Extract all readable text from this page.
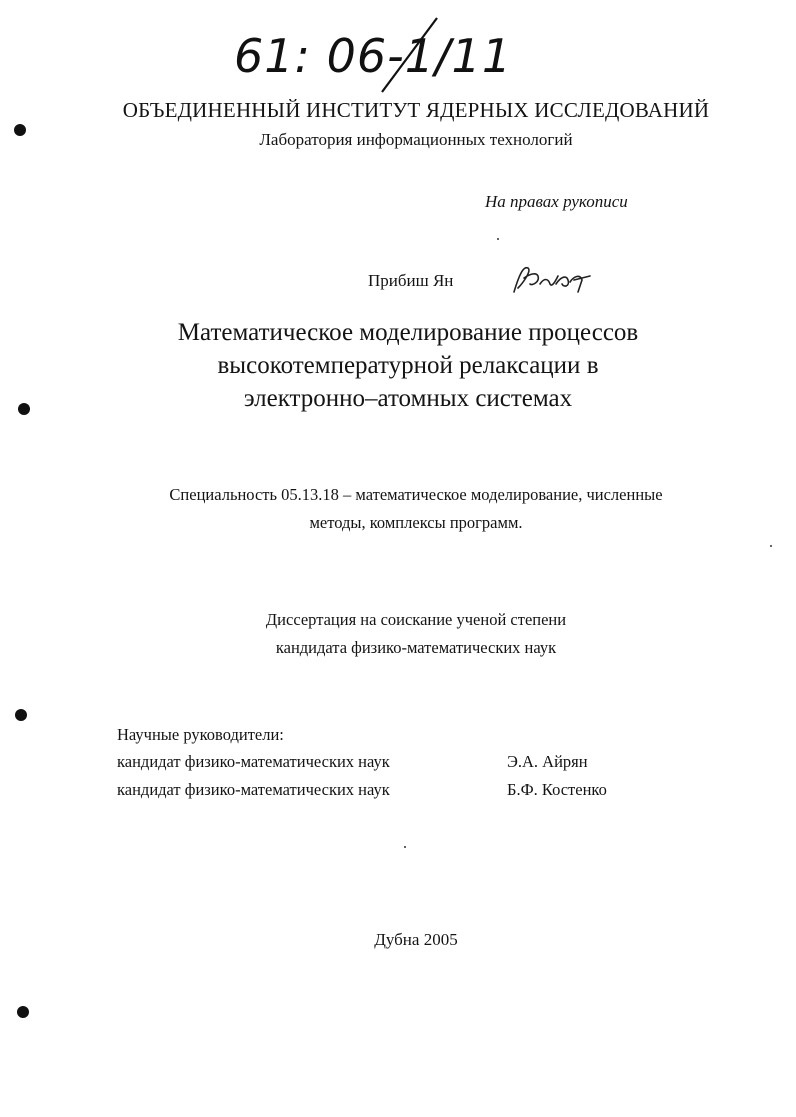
61: 06-1/112
ОБЪЕДИНЕННЫЙ ИНСТИТУТ ЯДЕРНЫХ ИССЛЕДОВАНИЙ
Лаборатория информационных технологий
На правах рукописи
Прибиш Ян
Математическое моделирование процессов
высокотемпературной релаксации в
электронно–атомных системах
Специальность 05.13.18 – математическое моделирование, численные
методы, комплексы программ.
Диссертация на соискание ученой степени
кандидата физико-математических наук
Научные руководители:
кандидат физико-математических наук	Э.А. Айрян
кандидат физико-математических наук	Б.Ф. Костенко
Дубна 2005
